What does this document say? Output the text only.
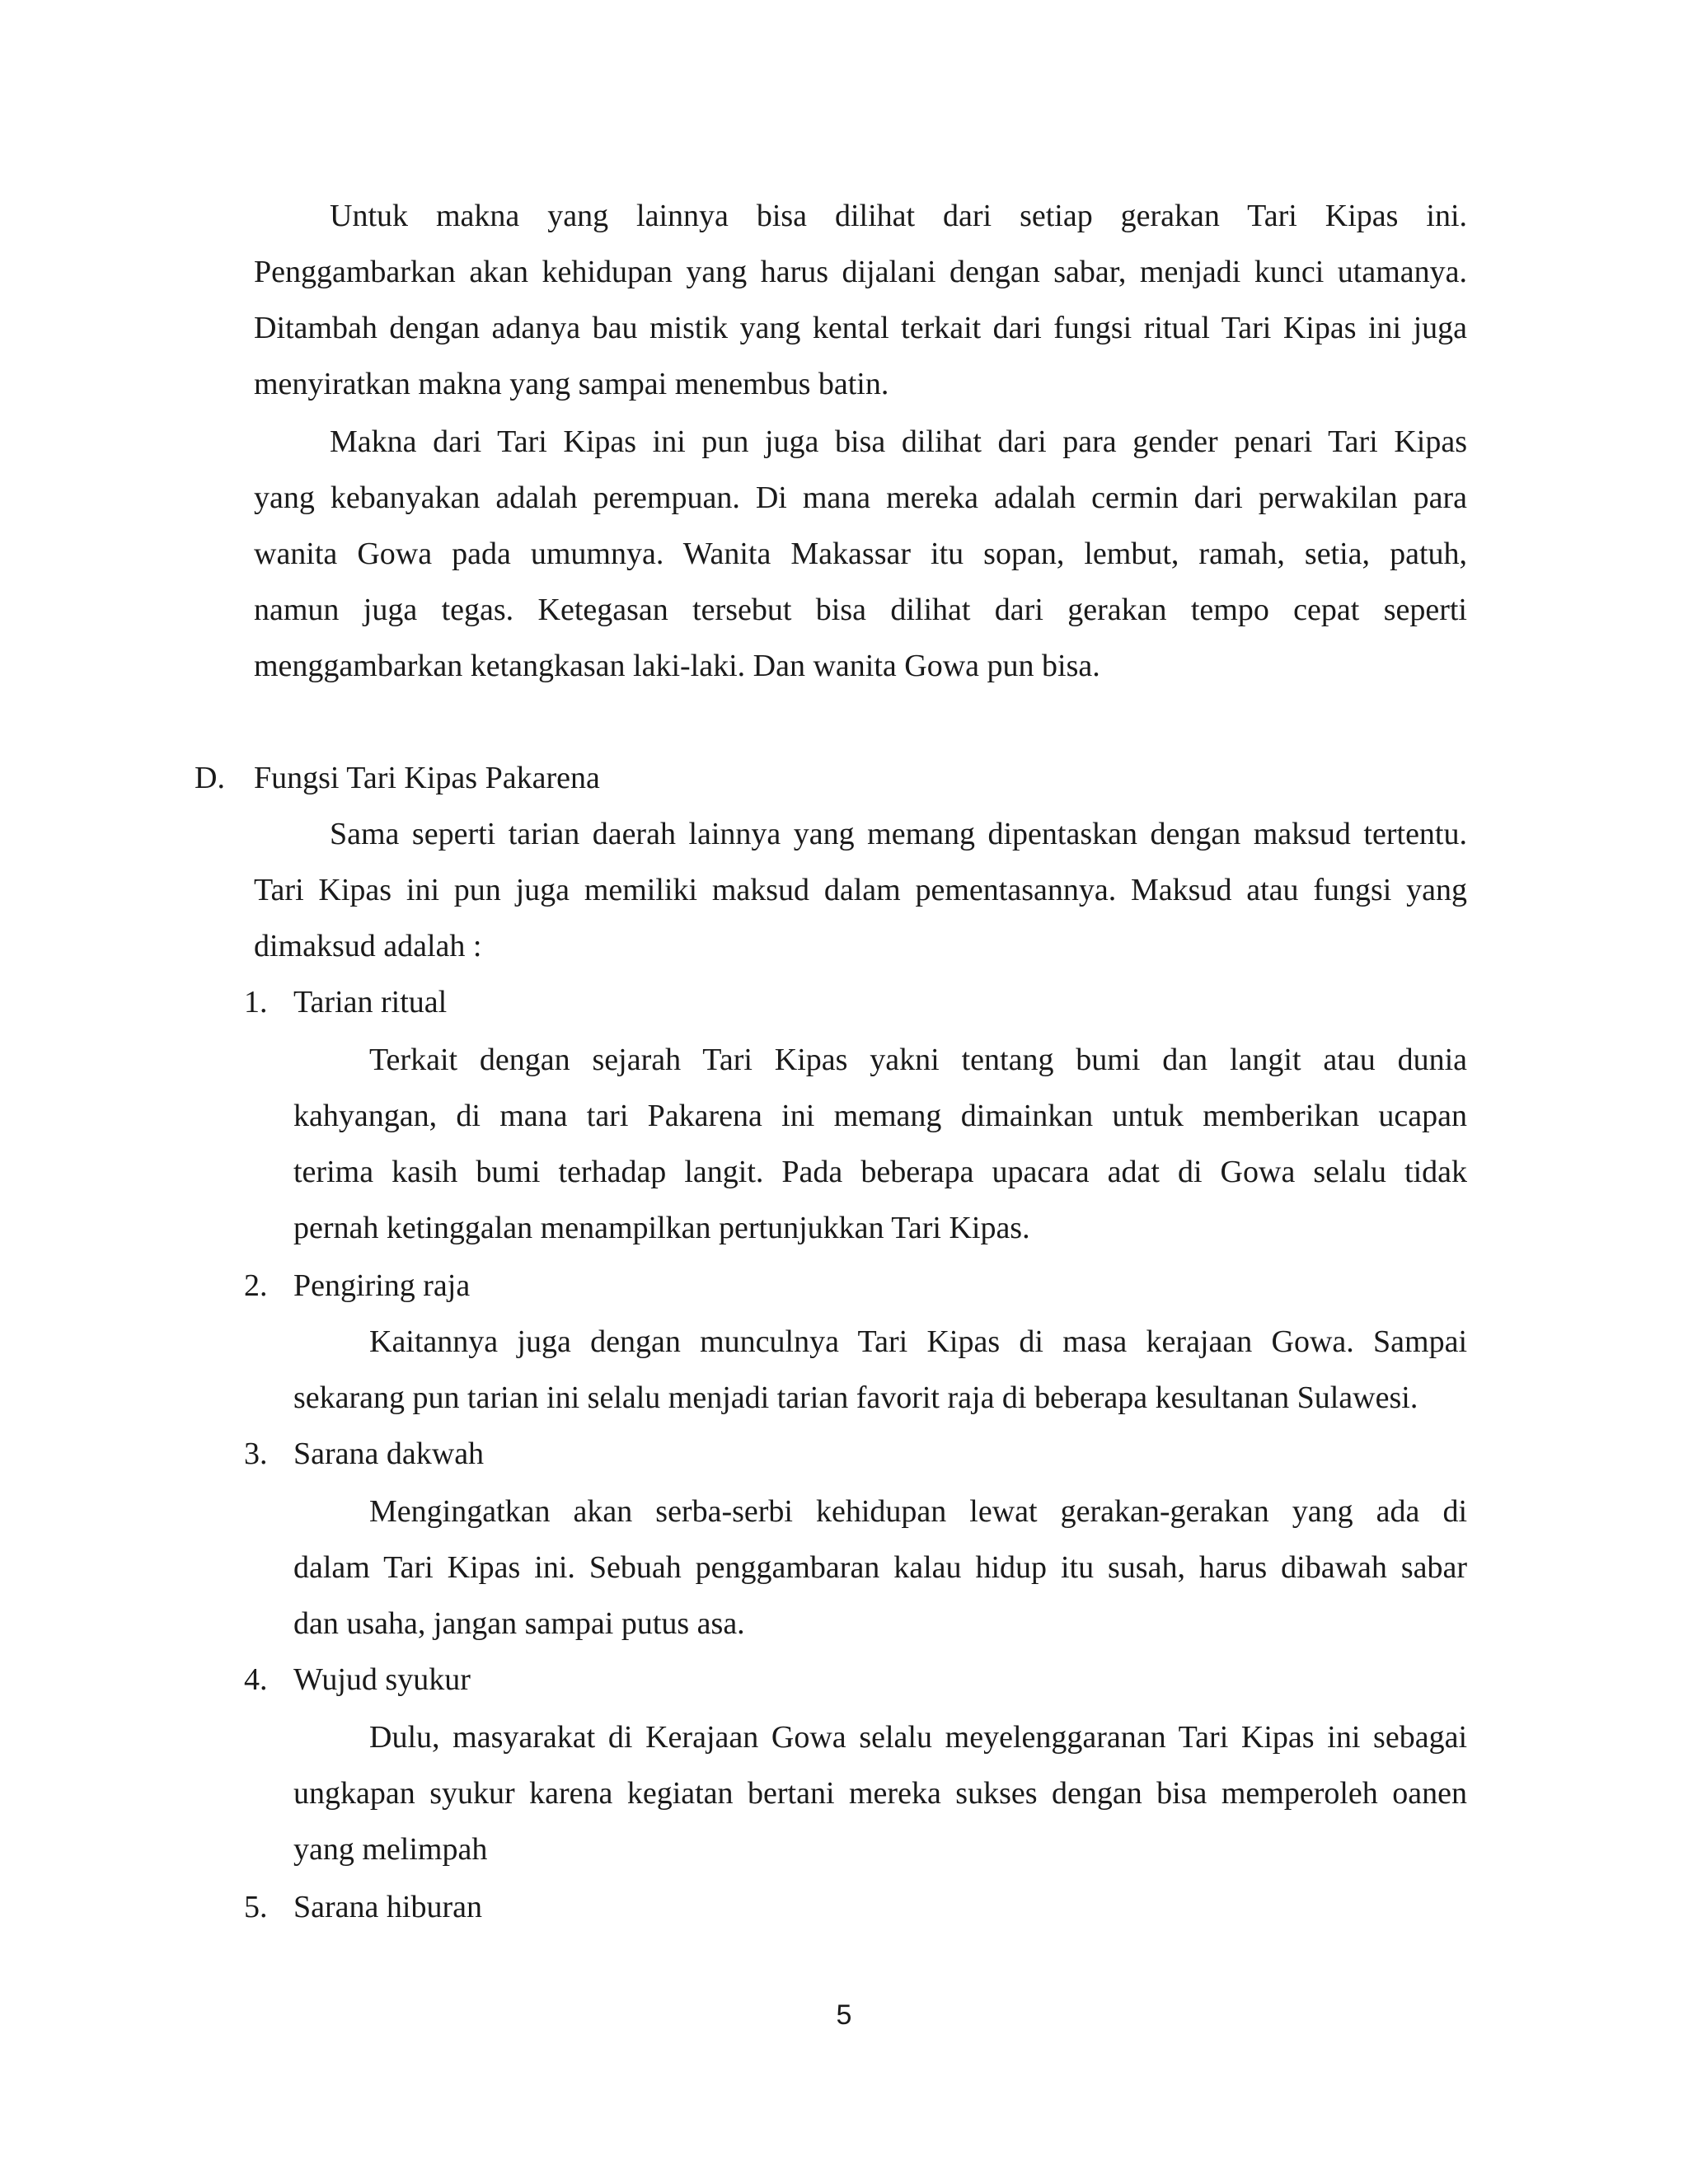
Untuk makna yang lainnya bisa dilihat dari setiap gerakan Tari Kipas ini.
Penggambarkan akan kehidupan yang harus dijalani dengan sabar, menjadi kunci utamanya.
Ditambah dengan adanya bau mistik yang kental terkait dari fungsi ritual Tari Kipas ini juga
menyiratkan makna yang sampai menembus batin.
Makna dari Tari Kipas ini pun juga bisa dilihat dari para gender penari Tari Kipas
yang kebanyakan adalah perempuan. Di mana mereka adalah cermin dari perwakilan para
wanita Gowa pada umumnya. Wanita Makassar itu sopan, lembut, ramah, setia, patuh,
namun juga tegas. Ketegasan tersebut bisa dilihat dari gerakan tempo cepat seperti
menggambarkan ketangkasan laki-laki. Dan wanita Gowa pun bisa.
D. Fungsi Tari Kipas Pakarena
Sama seperti tarian daerah lainnya yang memang dipentaskan dengan maksud tertentu.
Tari Kipas ini pun juga memiliki maksud dalam pementasannya. Maksud atau fungsi yang
dimaksud adalah :
1. Tarian ritual
Terkait dengan sejarah Tari Kipas yakni tentang bumi dan langit atau dunia
kahyangan, di mana tari Pakarena ini memang dimainkan untuk memberikan ucapan
terima kasih bumi terhadap langit. Pada beberapa upacara adat di Gowa selalu tidak
pernah ketinggalan menampilkan pertunjukkan Tari Kipas.
2. Pengiring raja
Kaitannya juga dengan munculnya Tari Kipas di masa kerajaan Gowa. Sampai
sekarang pun tarian ini selalu menjadi tarian favorit raja di beberapa kesultanan Sulawesi.
3. Sarana dakwah
Mengingatkan akan serba-serbi kehidupan lewat gerakan-gerakan yang ada di
dalam Tari Kipas ini. Sebuah penggambaran kalau hidup itu susah, harus dibawah sabar
dan usaha, jangan sampai putus asa.
4. Wujud syukur
Dulu, masyarakat di Kerajaan Gowa selalu meyelenggaranan Tari Kipas ini sebagai
ungkapan syukur karena kegiatan bertani mereka sukses dengan bisa memperoleh oanen
yang melimpah
5. Sarana hiburan
5
